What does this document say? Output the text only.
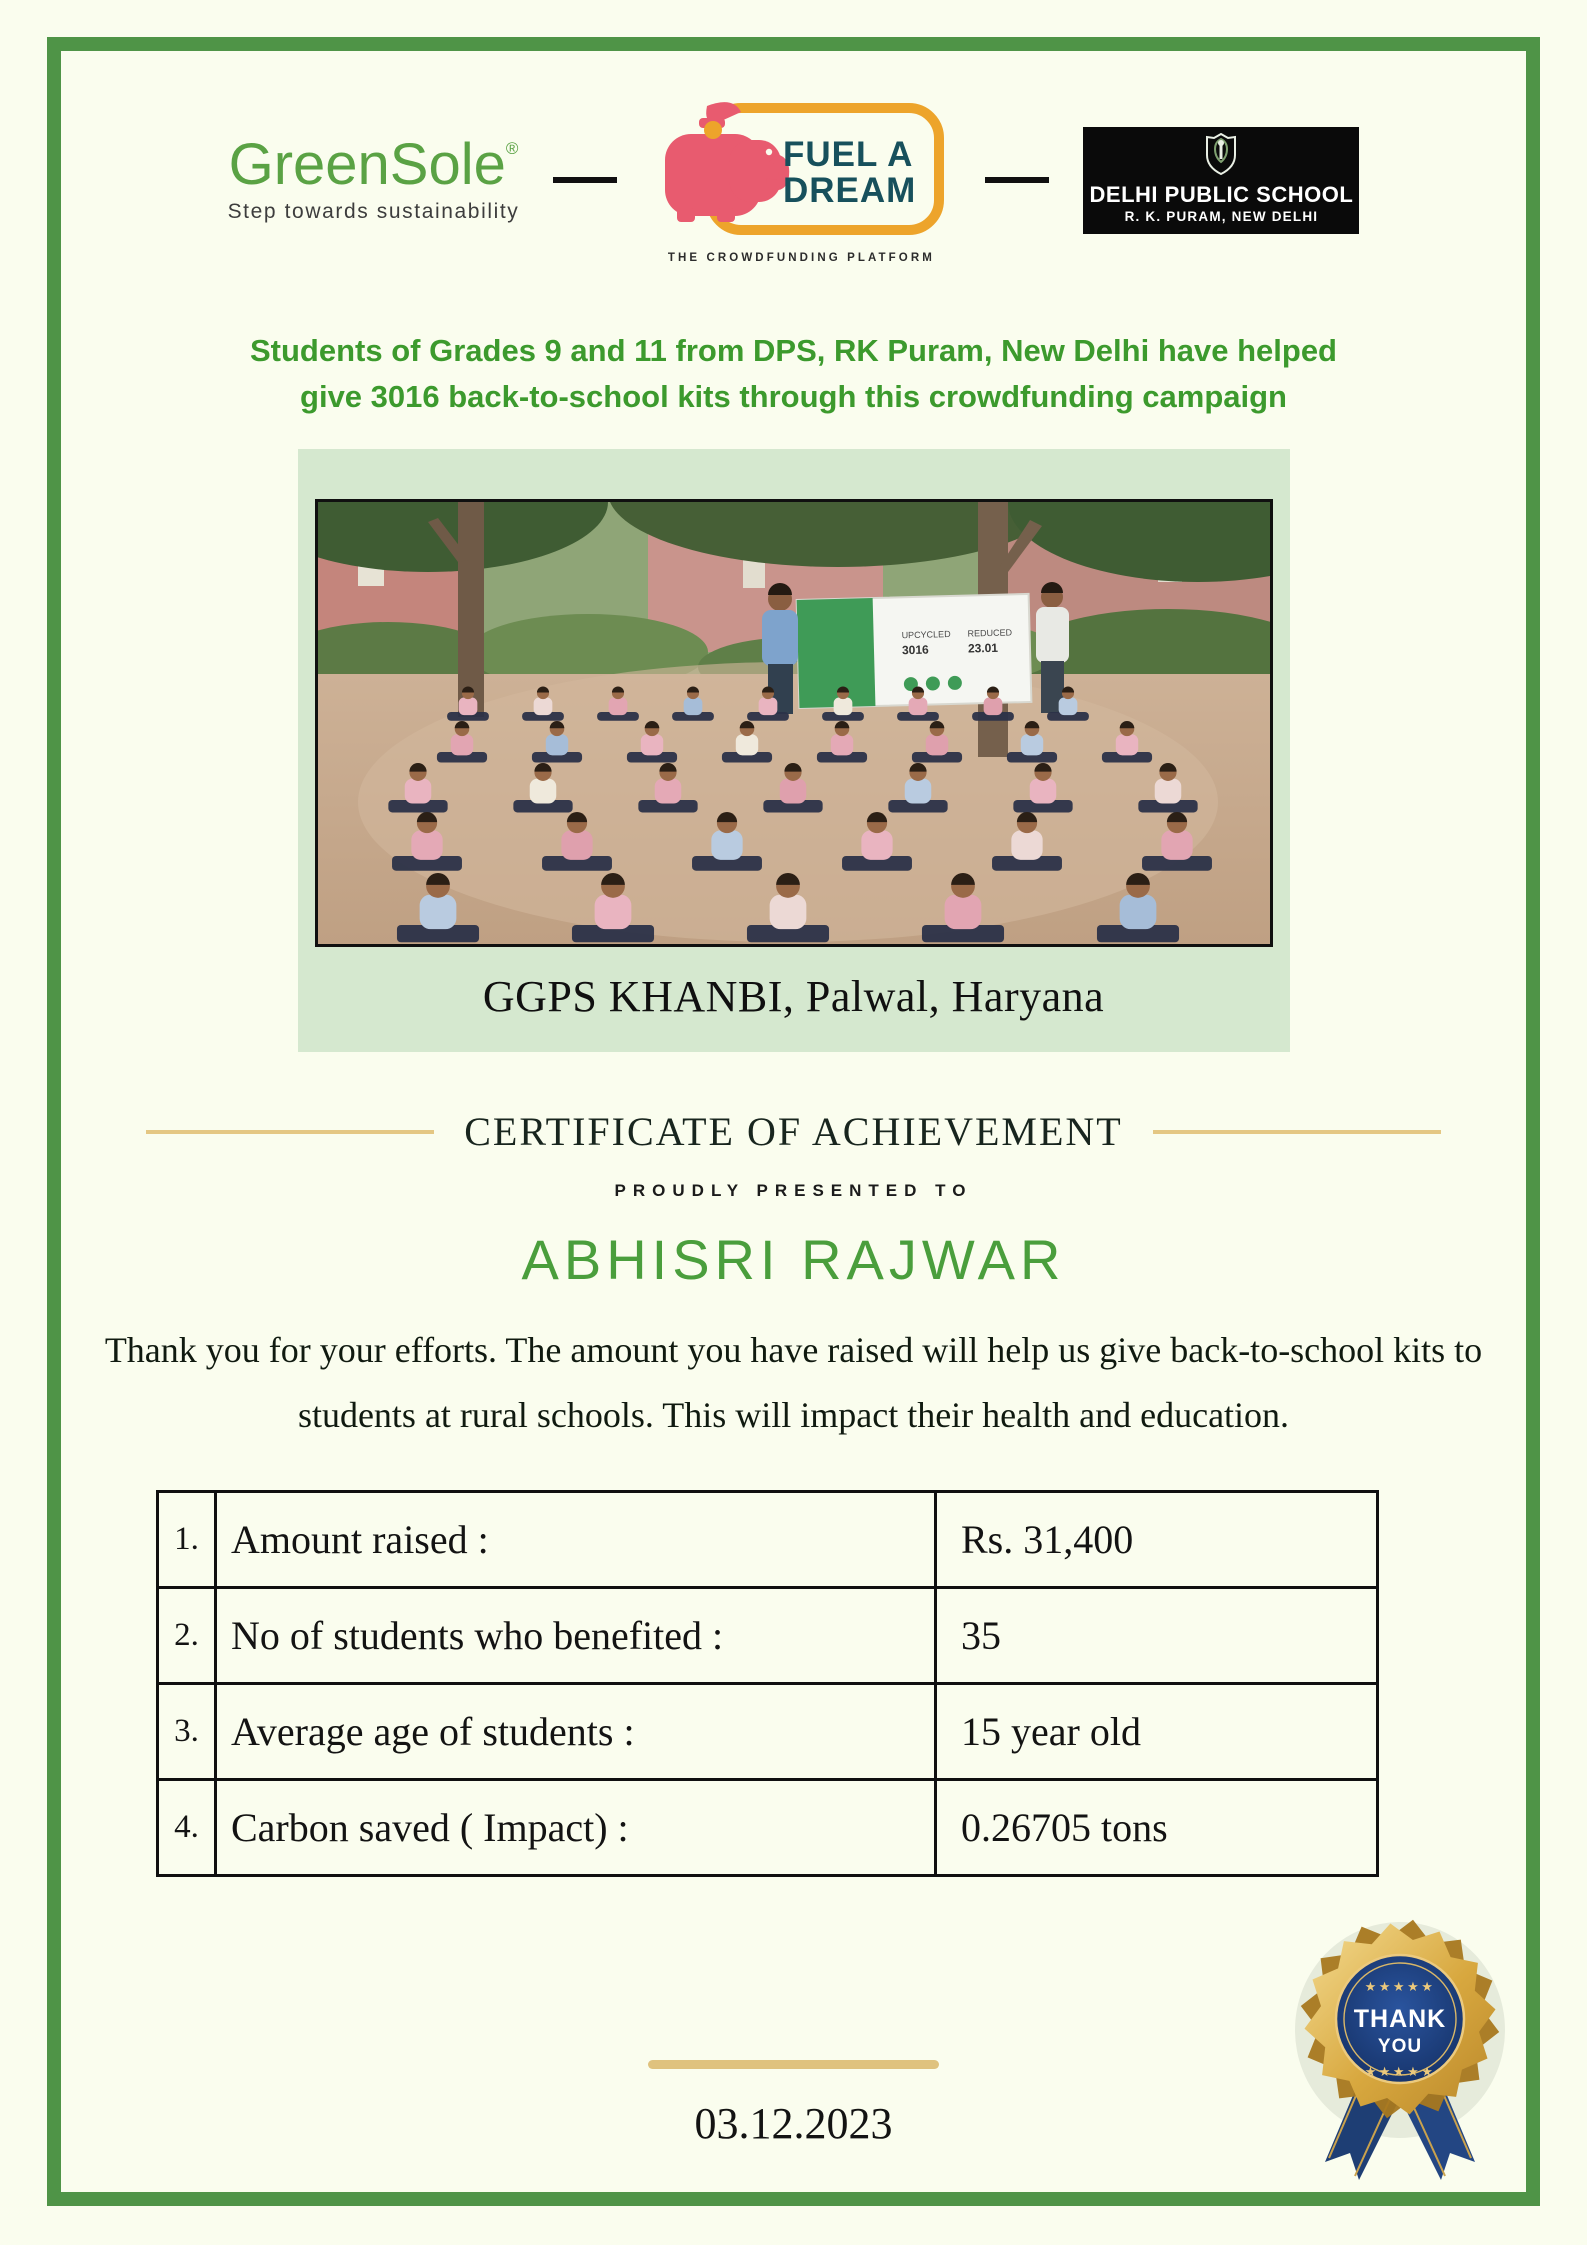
GreenSole®
Step towards sustainability
FUEL A
DREAM
THE CROWDFUNDING PLATFORM
DELHI PUBLIC SCHOOL
R. K. PURAM, NEW DELHI
Students of Grades 9 and 11 from DPS, RK Puram, New Delhi have helped
give 3016 back-to-school kits through this crowdfunding campaign
UPCYCLED
3016
REDUCED
23.01
GGPS KHANBI, Palwal, Haryana
CERTIFICATE OF ACHIEVEMENT
PROUDLY PRESENTED TO
ABHISRI RAJWAR
Thank you for your efforts. The amount you have raised will help us give back-to-school kits to students at rural schools. This will impact their health and education.
1.	Amount raised :	Rs. 31,400
2.	No of students who benefited :	35
3.	Average age of students :	15 year old
4.	Carbon saved ( Impact) :	0.26705 tons
★★★★★
THANK
YOU
★★★★★
03.12.2023
